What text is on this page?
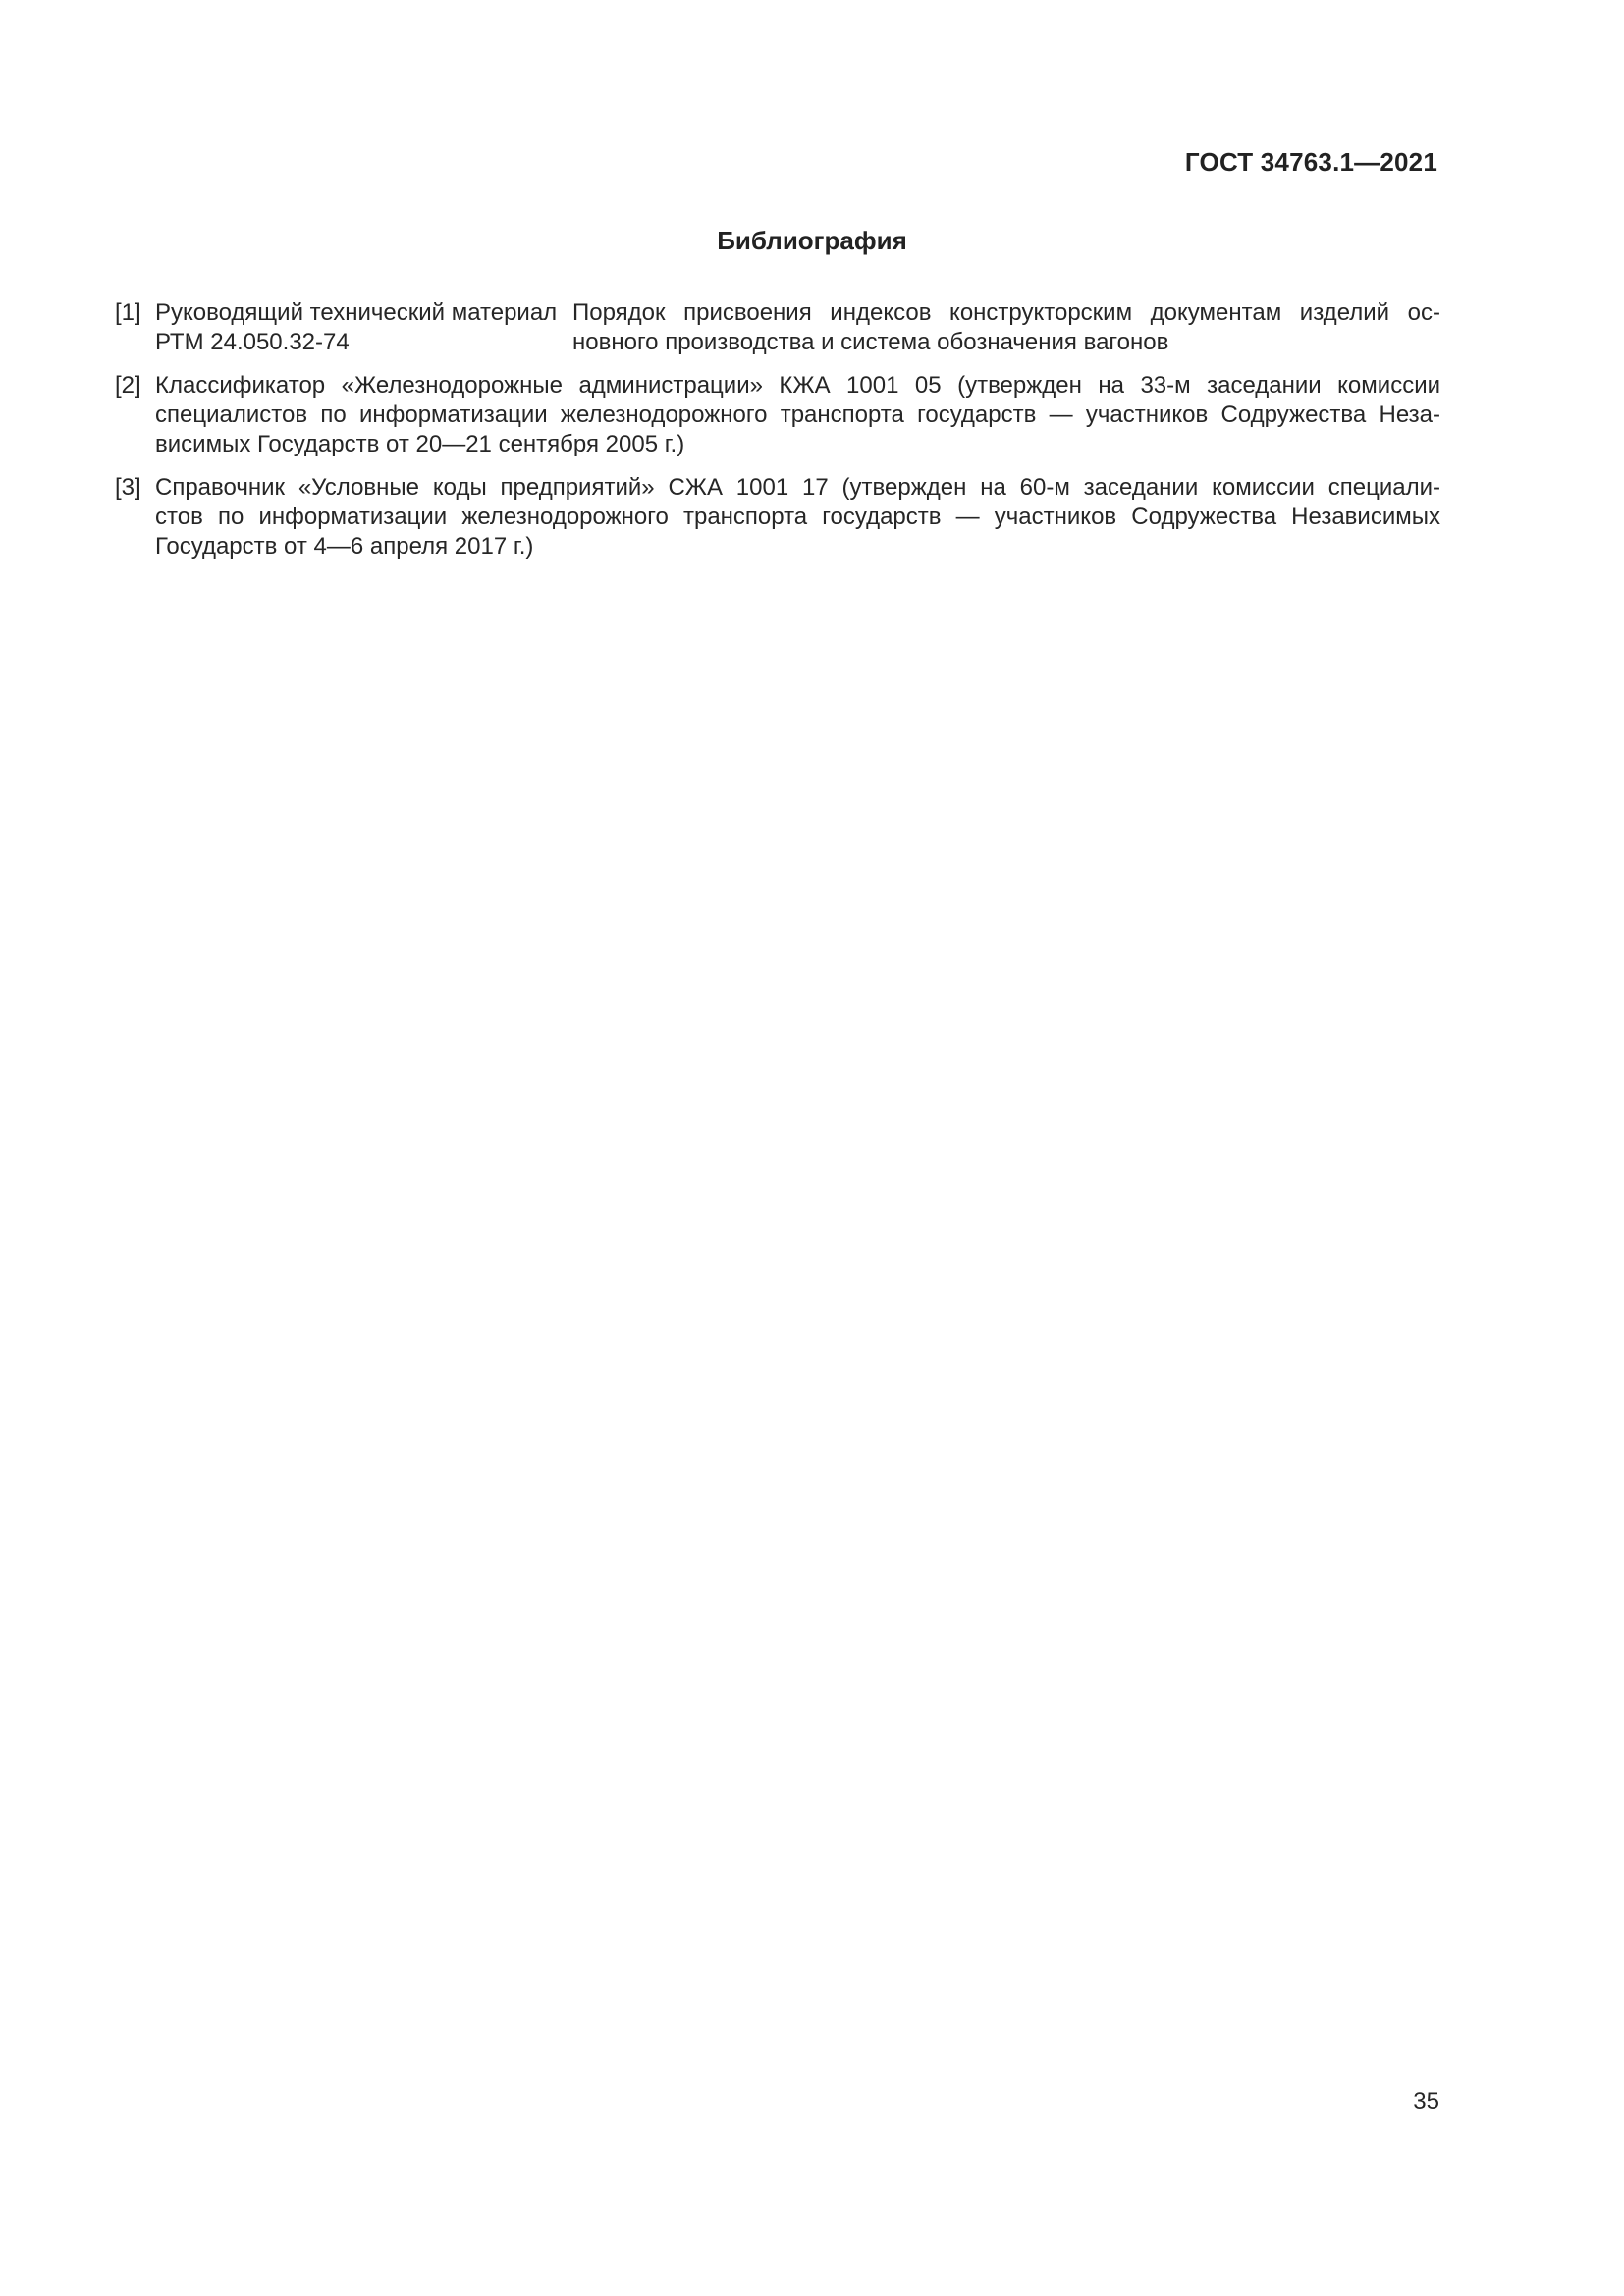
ГОСТ 34763.1—2021
Библиография
[1] Руководящий технический материал
РТМ 24.050.32-74
Порядок присвоения индексов конструкторским документам изделий ос-
новного производства и система обозначения вагонов
[2] Классификатор «Железнодорожные администрации» КЖА 1001 05 (утвержден на 33-м заседании комиссии
специалистов по информатизации железнодорожного транспорта государств — участников Содружества Неза-
висимых Государств от 20—21 сентября 2005 г.)
[3] Справочник «Условные коды предприятий» СЖА 1001 17 (утвержден на 60-м заседании комиссии специали-
стов по информатизации железнодорожного транспорта государств — участников Содружества Независимых
Государств от 4—6 апреля 2017 г.)
35
